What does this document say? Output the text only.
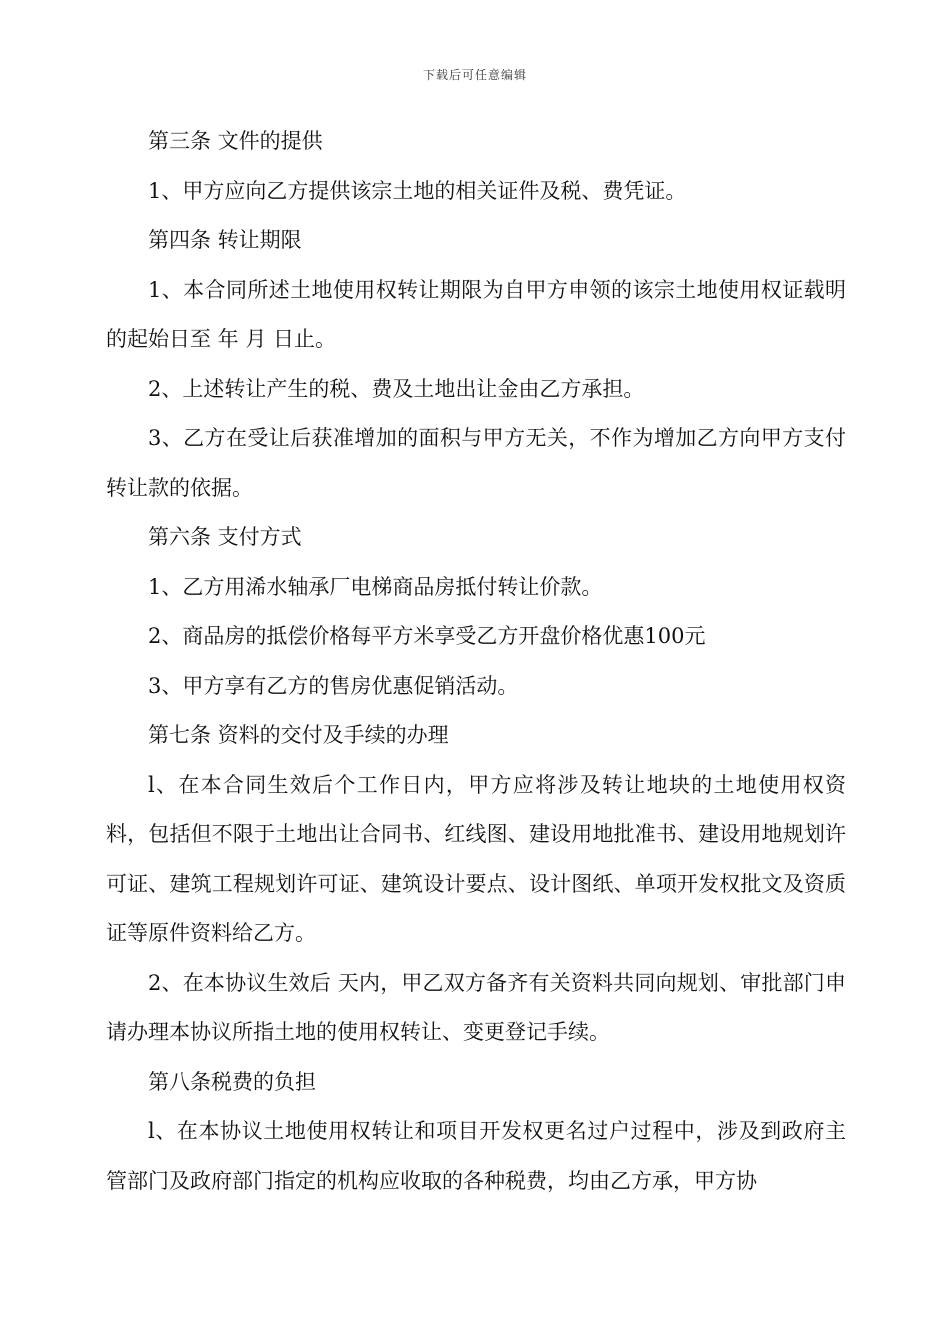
下载后可任意编辑

第三条 文件的提供

1、甲方应向乙方提供该宗土地的相关证件及税、费凭证。

第四条 转让期限

1、本合同所述土地使用权转让期限为自甲方申领的该宗土地使用权证载明的起始日至 年 月 日止。

2、上述转让产生的税、费及土地出让金由乙方承担。

3、乙方在受让后获准增加的面积与甲方无关，不作为增加乙方向甲方支付转让款的依据。

第六条 支付方式

1、乙方用浠水轴承厂电梯商品房抵付转让价款。

2、商品房的抵偿价格每平方米享受乙方开盘价格优惠100元

3、甲方享有乙方的售房优惠促销活动。

第七条 资料的交付及手续的办理

l、在本合同生效后个工作日内，甲方应将涉及转让地块的土地使用权资料，包括但不限于土地出让合同书、红线图、建设用地批准书、建设用地规划许可证、建筑工程规划许可证、建筑设计要点、设计图纸、单项开发权批文及资质证等原件资料给乙方。

2、在本协议生效后 天内，甲乙双方备齐有关资料共同向规划、审批部门申请办理本协议所指土地的使用权转让、变更登记手续。

第八条税费的负担

l、在本协议土地使用权转让和项目开发权更名过户过程中，涉及到政府主管部门及政府部门指定的机构应收取的各种税费，均由乙方承，甲方协
